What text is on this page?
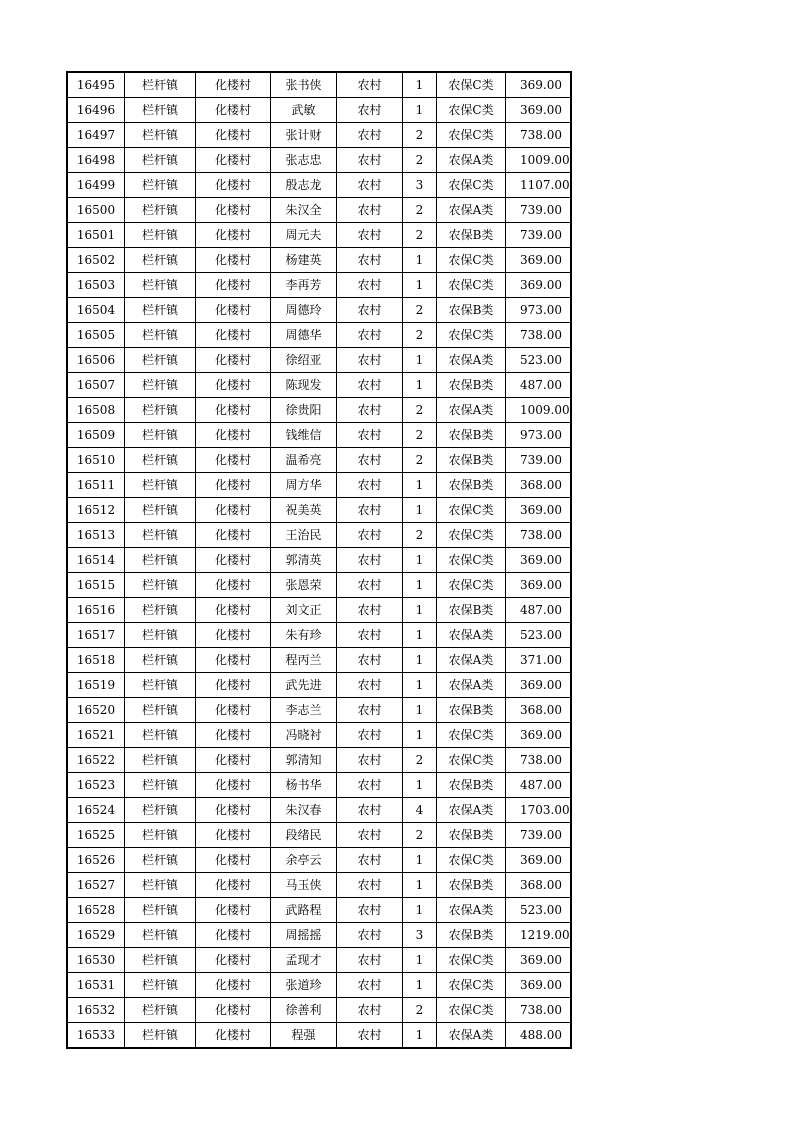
16495	栏杆镇	化楼村	张书侠	农村	1	农保C类	369.00
16496	栏杆镇	化楼村	武敏	农村	1	农保C类	369.00
16497	栏杆镇	化楼村	张计财	农村	2	农保C类	738.00
16498	栏杆镇	化楼村	张志忠	农村	2	农保A类	1009.00
16499	栏杆镇	化楼村	殷志龙	农村	3	农保C类	1107.00
16500	栏杆镇	化楼村	朱汉全	农村	2	农保A类	739.00
16501	栏杆镇	化楼村	周元夫	农村	2	农保B类	739.00
16502	栏杆镇	化楼村	杨建英	农村	1	农保C类	369.00
16503	栏杆镇	化楼村	李再芳	农村	1	农保C类	369.00
16504	栏杆镇	化楼村	周德玲	农村	2	农保B类	973.00
16505	栏杆镇	化楼村	周德华	农村	2	农保C类	738.00
16506	栏杆镇	化楼村	徐绍亚	农村	1	农保A类	523.00
16507	栏杆镇	化楼村	陈现发	农村	1	农保B类	487.00
16508	栏杆镇	化楼村	徐贵阳	农村	2	农保A类	1009.00
16509	栏杆镇	化楼村	钱维信	农村	2	农保B类	973.00
16510	栏杆镇	化楼村	温希亮	农村	2	农保B类	739.00
16511	栏杆镇	化楼村	周方华	农村	1	农保B类	368.00
16512	栏杆镇	化楼村	祝美英	农村	1	农保C类	369.00
16513	栏杆镇	化楼村	王治民	农村	2	农保C类	738.00
16514	栏杆镇	化楼村	郭清英	农村	1	农保C类	369.00
16515	栏杆镇	化楼村	张恩荣	农村	1	农保C类	369.00
16516	栏杆镇	化楼村	刘文正	农村	1	农保B类	487.00
16517	栏杆镇	化楼村	朱有珍	农村	1	农保A类	523.00
16518	栏杆镇	化楼村	程丙兰	农村	1	农保A类	371.00
16519	栏杆镇	化楼村	武先进	农村	1	农保A类	369.00
16520	栏杆镇	化楼村	李志兰	农村	1	农保B类	368.00
16521	栏杆镇	化楼村	冯晓衬	农村	1	农保C类	369.00
16522	栏杆镇	化楼村	郭清知	农村	2	农保C类	738.00
16523	栏杆镇	化楼村	杨书华	农村	1	农保B类	487.00
16524	栏杆镇	化楼村	朱汉春	农村	4	农保A类	1703.00
16525	栏杆镇	化楼村	段绪民	农村	2	农保B类	739.00
16526	栏杆镇	化楼村	余亭云	农村	1	农保C类	369.00
16527	栏杆镇	化楼村	马玉侠	农村	1	农保B类	368.00
16528	栏杆镇	化楼村	武路程	农村	1	农保A类	523.00
16529	栏杆镇	化楼村	周摇摇	农村	3	农保B类	1219.00
16530	栏杆镇	化楼村	孟现才	农村	1	农保C类	369.00
16531	栏杆镇	化楼村	张道珍	农村	1	农保C类	369.00
16532	栏杆镇	化楼村	徐善利	农村	2	农保C类	738.00
16533	栏杆镇	化楼村	程强	农村	1	农保A类	488.00
